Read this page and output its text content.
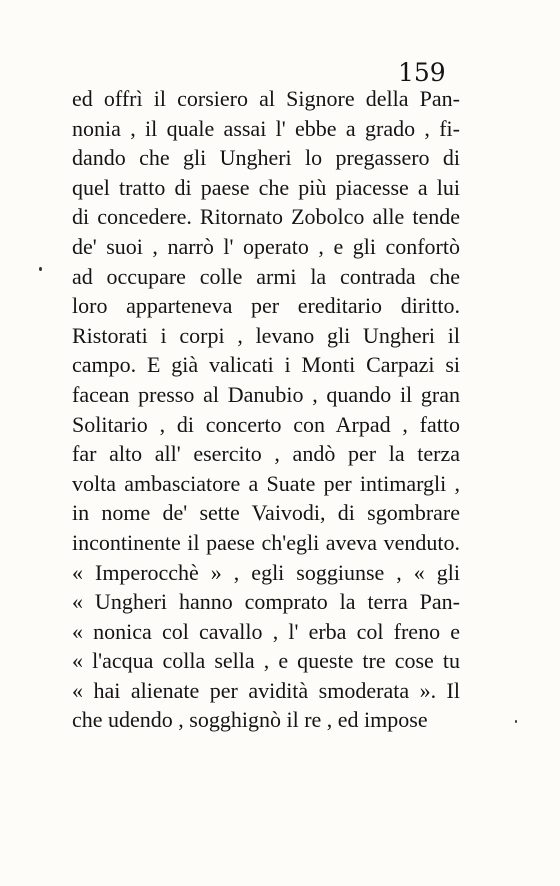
159
ed offrì il corsiero al Signore della Pan-
nonia , il quale assai l' ebbe a grado , fi-
dando che gli Ungheri lo pregassero di
quel tratto di paese che più piacesse a lui
di concedere. Ritornato Zobolco alle tende
de' suoi , narrò l' operato , e gli confortò
ad occupare colle armi la contrada che
loro apparteneva per ereditario diritto.
Ristorati i corpi , levano gli Ungheri il
campo. E già valicati i Monti Carpazi si
facean presso al Danubio , quando il gran
Solitario , di concerto con Arpad , fatto
far alto all' esercito , andò per la terza
volta ambasciatore a Suate per intimargli ,
in nome de' sette Vaivodi, di sgombrare
incontinente il paese ch'egli aveva venduto.
« Imperocchè » , egli soggiunse , « gli
« Ungheri hanno comprato la terra Pan-
« nonica col cavallo , l' erba col freno e
« l'acqua colla sella , e queste tre cose tu
« hai alienate per avidità smoderata ». Il
che udendo , sogghignò il re , ed impose
